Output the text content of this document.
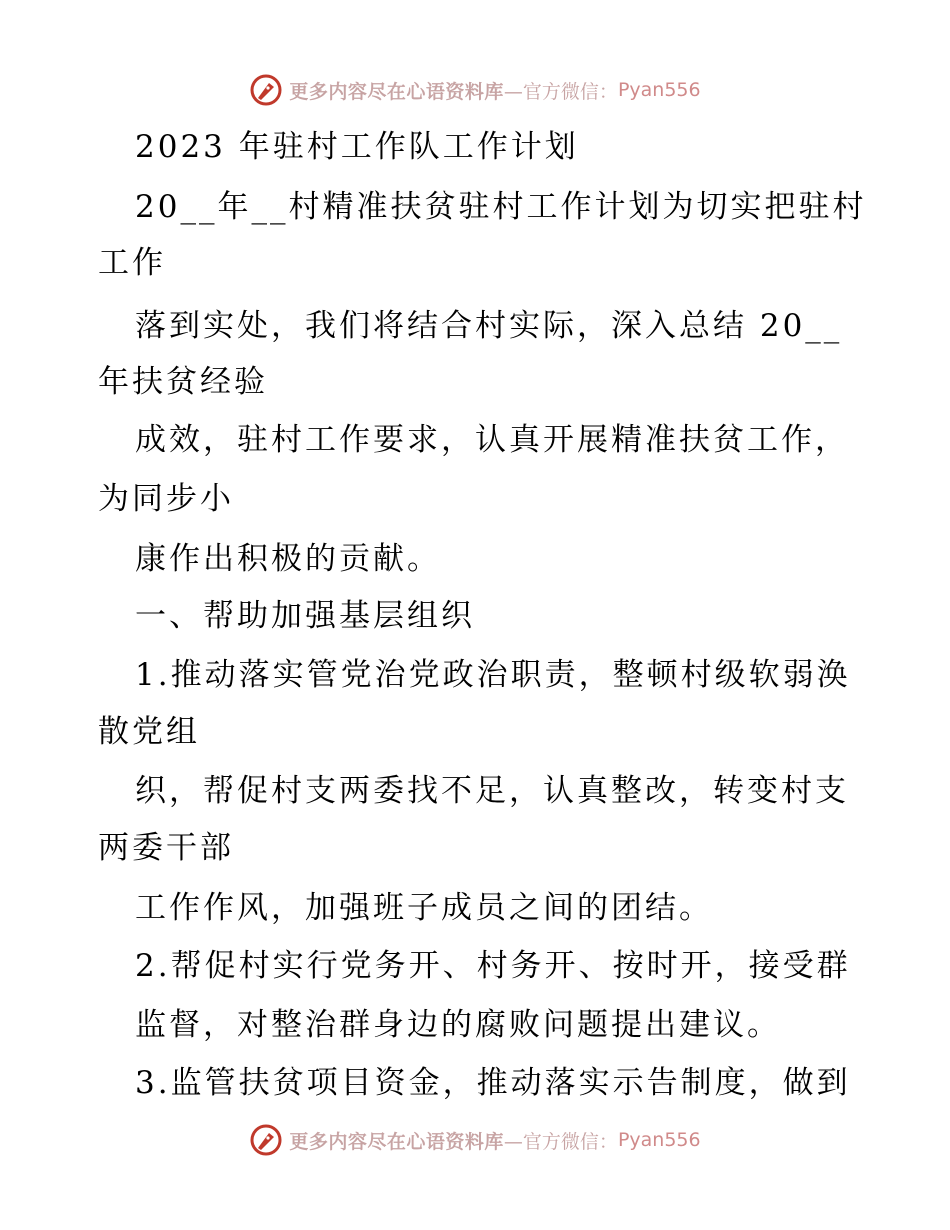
更多内容尽在心语资料库 —官方微信： Pyan556
2023 年驻村工作队工作计划
20__年__村精准扶贫驻村工作计划为切实把驻村
工作
落到实处，我们将结合村实际，深入总结 20__
年扶贫经验
成效，驻村工作要求，认真开展精准扶贫工作，
为同步小
康作出积极的贡献。
一、帮助加强基层组织
1.推动落实管党治党政治职责，整顿村级软弱涣
散党组
织，帮促村支两委找不足，认真整改，转变村支
两委干部
工作作风，加强班子成员之间的团结。
2.帮促村实行党务开、村务开、按时开，接受群
监督，对整治群身边的腐败问题提出建议。
3.监管扶贫项目资金，推动落实示告制度，做到
更多内容尽在心语资料库 —官方微信： Pyan556
